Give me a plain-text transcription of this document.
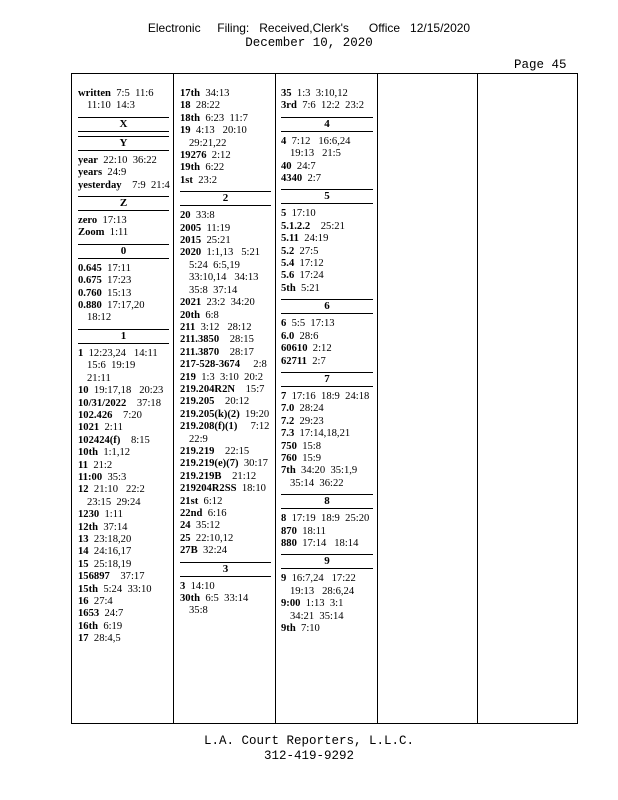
Electronic     Filing:   Received,Clerk's      Office   12/15/2020
December 10, 2020
Page 45
written 7:5  11:6
11:10  14:3
X
Y
year 22:10  36:22
years 24:9
yesterday    7:9  21:4
Z
zero 17:13
Zoom 1:11
0
0.645 17:11
0.675 17:23
0.760 15:13
0.880 17:17,20
18:12
1
1 12:23,24   14:11
15:6  19:19
21:11
10 19:17,18   20:23
10/31/2022    37:18
102.426    7:20
1021 2:11
102424(f)    8:15
10th 1:1,12
11 21:2
11:00 35:3
12 21:10   22:2
23:15  29:24
1230 1:11
12th 37:14
13 23:18,20
14 24:16,17
15 25:18,19
156897    37:17
15th 5:24  33:10
16 27:4
1653 24:7
16th 6:19
17 28:4,5
17th 34:13
18 28:22
18th 6:23  11:7
19 4:13   20:10
29:21,22
19276 2:12
19th 6:22
1st 23:2
2
20 33:8
2005 11:19
2015 25:21
2020 1:1,13   5:21
5:24  6:5,19
33:10,14   34:13
35:8  37:14
2021 23:2  34:20
20th 6:8
211 3:12   28:12
211.3850    28:15
211.3870    28:17
217-528-3674     2:8
219 1:3  3:10  20:2
219.204R2N    15:7
219.205    20:12
219.205(k)(2) 19:20
219.208(f)(1)     7:12
22:9
219.219    22:15
219.219(e)(7) 30:17
219.219B    21:12
219204R2SS 18:10
21st 6:12
22nd 6:16
24 35:12
25 22:10,12
27B 32:24
3
3 14:10
30th 6:5  33:14
35:8
35 1:3  3:10,12
3rd 7:6  12:2  23:2
4
4 7:12   16:6,24
19:13   21:5
40 24:7
4340 2:7
5
5 17:10
5.1.2.2    25:21
5.11 24:19
5.2 27:5
5.4 17:12
5.6 17:24
5th 5:21
6
6 5:5  17:13
6.0 28:6
60610 2:12
62711 2:7
7
7 17:16  18:9  24:18
7.0 28:24
7.2 29:23
7.3 17:14,18,21
750 15:8
760 15:9
7th 34:20  35:1,9
35:14  36:22
8
8 17:19  18:9  25:20
870 18:11
880 17:14   18:14
9
9 16:7,24   17:22
19:13   28:6,24
9:00 1:13  3:1
34:21  35:14
9th 7:10
L.A. Court Reporters, L.L.C.
312-419-9292
